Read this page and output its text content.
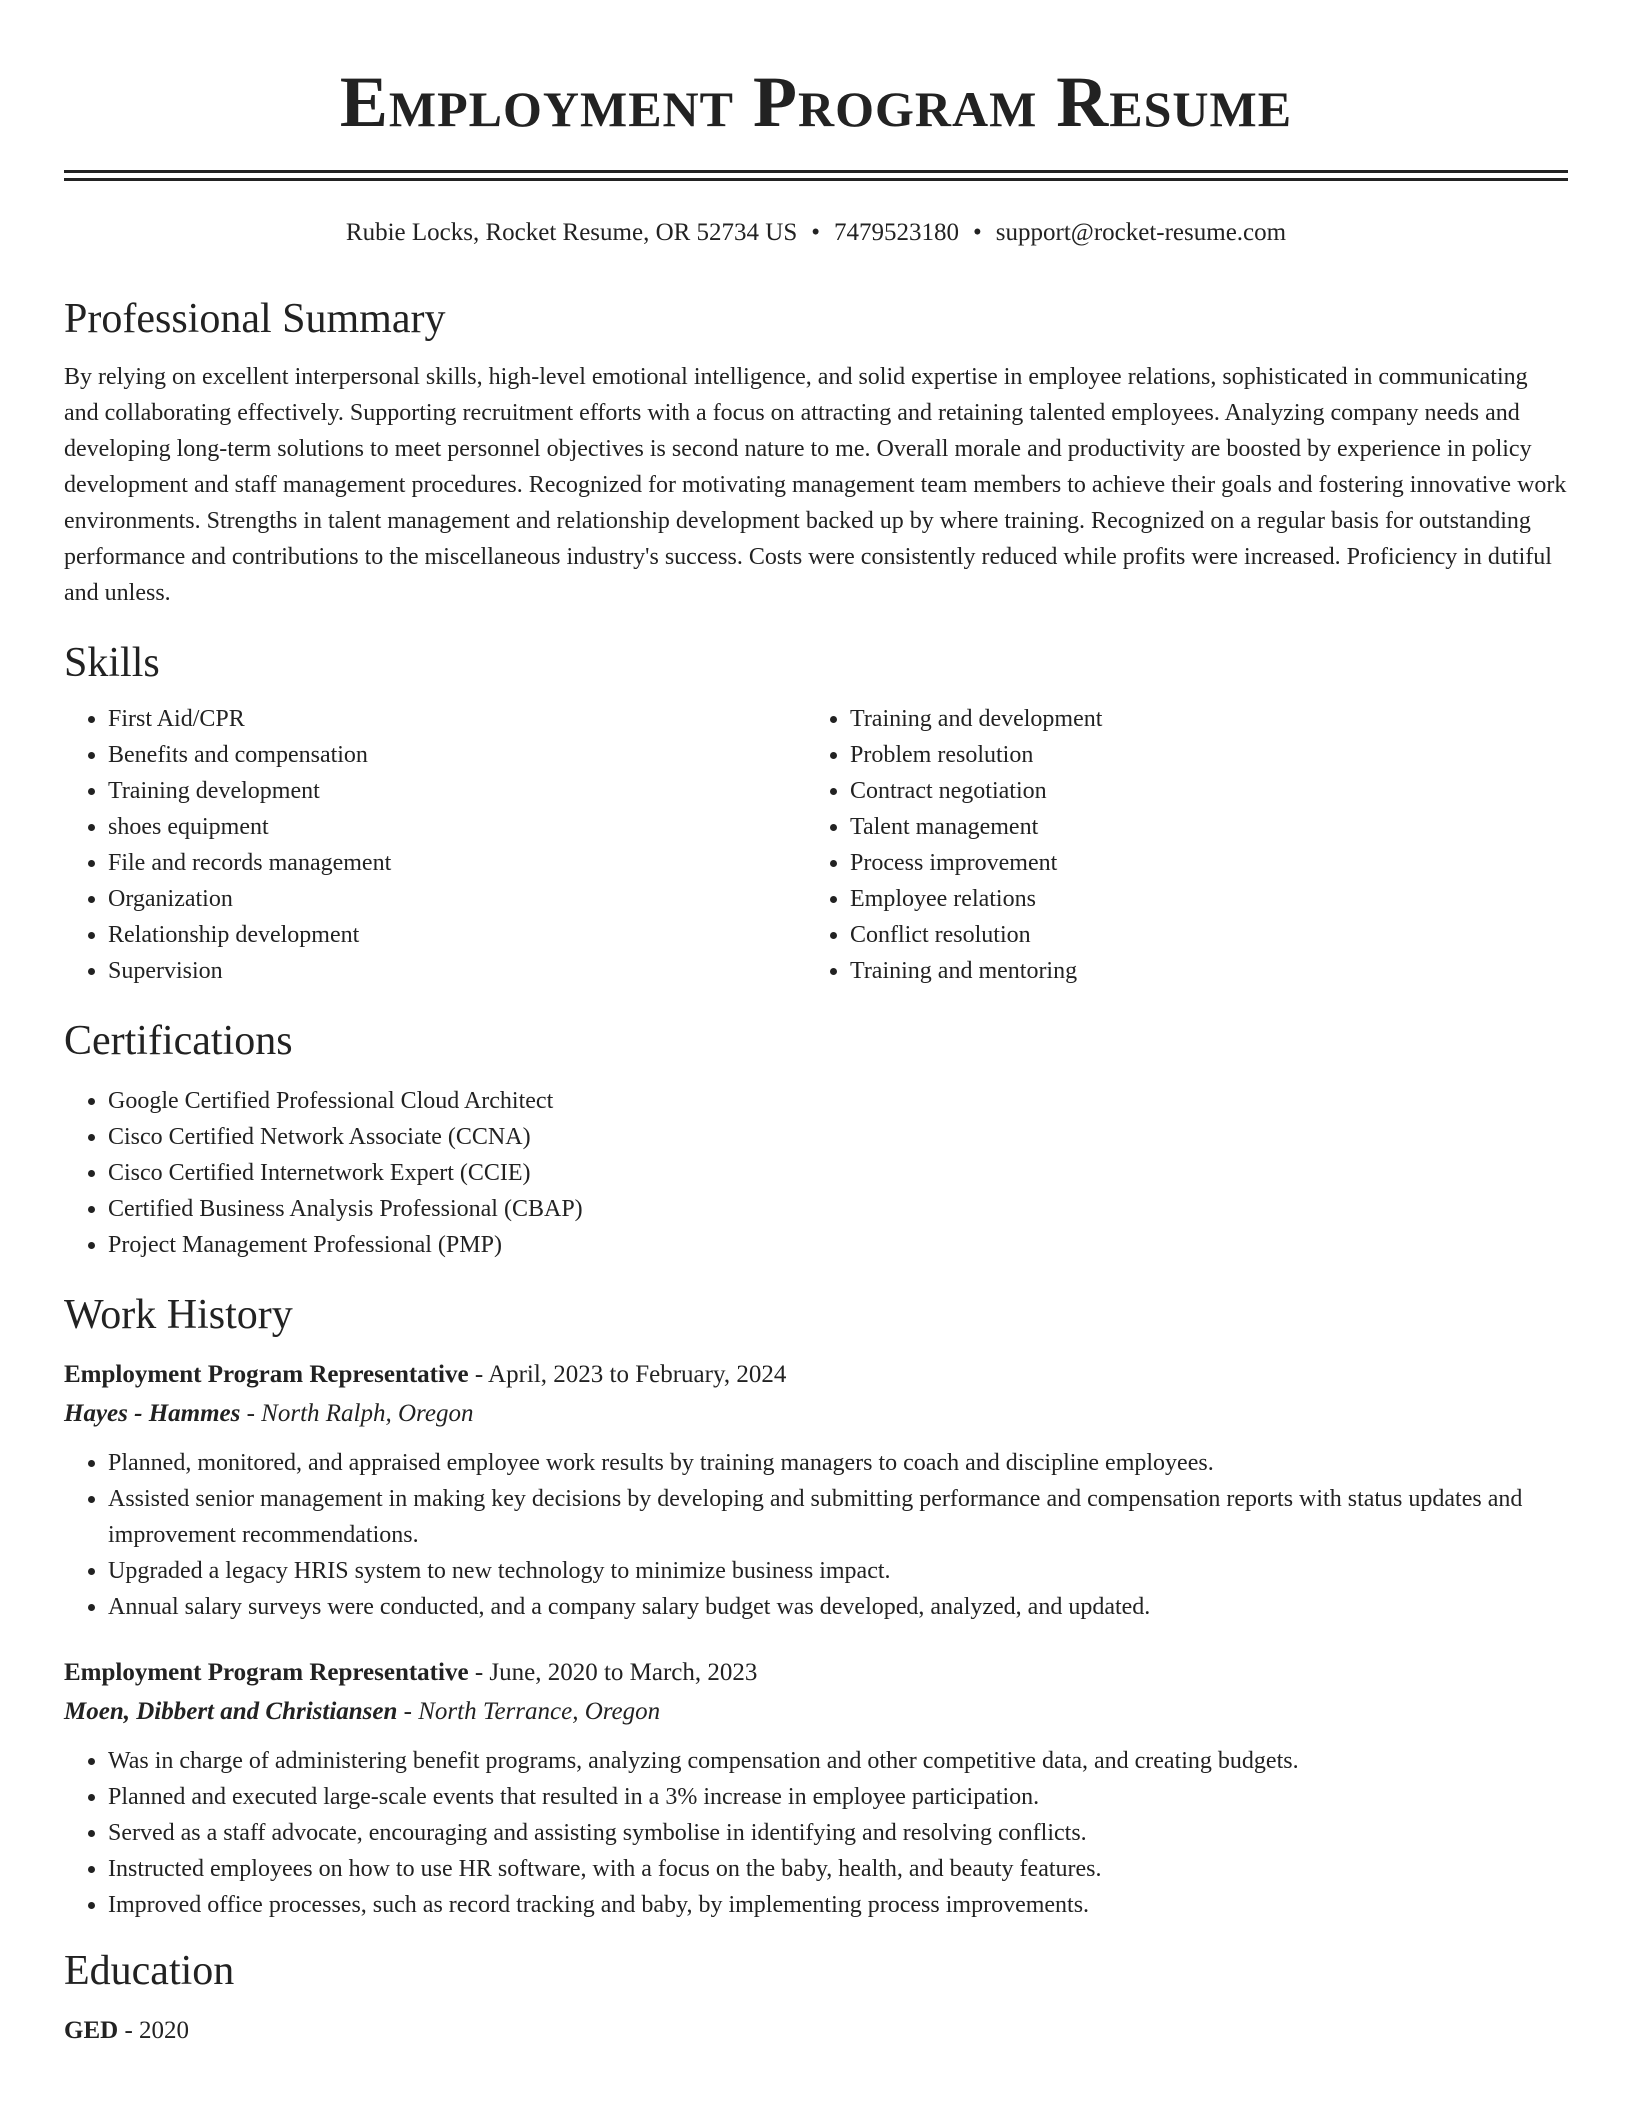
Employment Program Resume
Rubie Locks, Rocket Resume, OR 52734 US • 7479523180 • support@rocket-resume.com
Professional Summary

By relying on excellent interpersonal skills, high-level emotional intelligence, and solid expertise in employee relations, sophisticated in communicating and collaborating effectively. Supporting recruitment efforts with a focus on attracting and retaining talented employees. Analyzing company needs and developing long-term solutions to meet personnel objectives is second nature to me. Overall morale and productivity are boosted by experience in policy development and staff management procedures. Recognized for motivating management team members to achieve their goals and fostering innovative work environments. Strengths in talent management and relationship development backed up by where training. Recognized on a regular basis for outstanding performance and contributions to the miscellaneous industry's success. Costs were consistently reduced while profits were increased. Proficiency in dutiful and unless.

Skills
• First Aid/CPR
• Benefits and compensation
• Training development
• shoes equipment
• File and records management
• Organization
• Relationship development
• Supervision
• Training and development
• Problem resolution
• Contract negotiation
• Talent management
• Process improvement
• Employee relations
• Conflict resolution
• Training and mentoring
Certifications
• Google Certified Professional Cloud Architect
• Cisco Certified Network Associate (CCNA)
• Cisco Certified Internetwork Expert (CCIE)
• Certified Business Analysis Professional (CBAP)
• Project Management Professional (PMP)
Work History
Employment Program Representative - April, 2023 to February, 2024
Hayes - Hammes - North Ralph, Oregon
• Planned, monitored, and appraised employee work results by training managers to coach and discipline employees.
• Assisted senior management in making key decisions by developing and submitting performance and compensation reports with status updates and improvement recommendations.
• Upgraded a legacy HRIS system to new technology to minimize business impact.
• Annual salary surveys were conducted, and a company salary budget was developed, analyzed, and updated.
Employment Program Representative - June, 2020 to March, 2023
Moen, Dibbert and Christiansen - North Terrance, Oregon
• Was in charge of administering benefit programs, analyzing compensation and other competitive data, and creating budgets.
• Planned and executed large-scale events that resulted in a 3% increase in employee participation.
• Served as a staff advocate, encouraging and assisting symbolise in identifying and resolving conflicts.
• Instructed employees on how to use HR software, with a focus on the baby, health, and beauty features.
• Improved office processes, such as record tracking and baby, by implementing process improvements.
Education
GED - 2020
